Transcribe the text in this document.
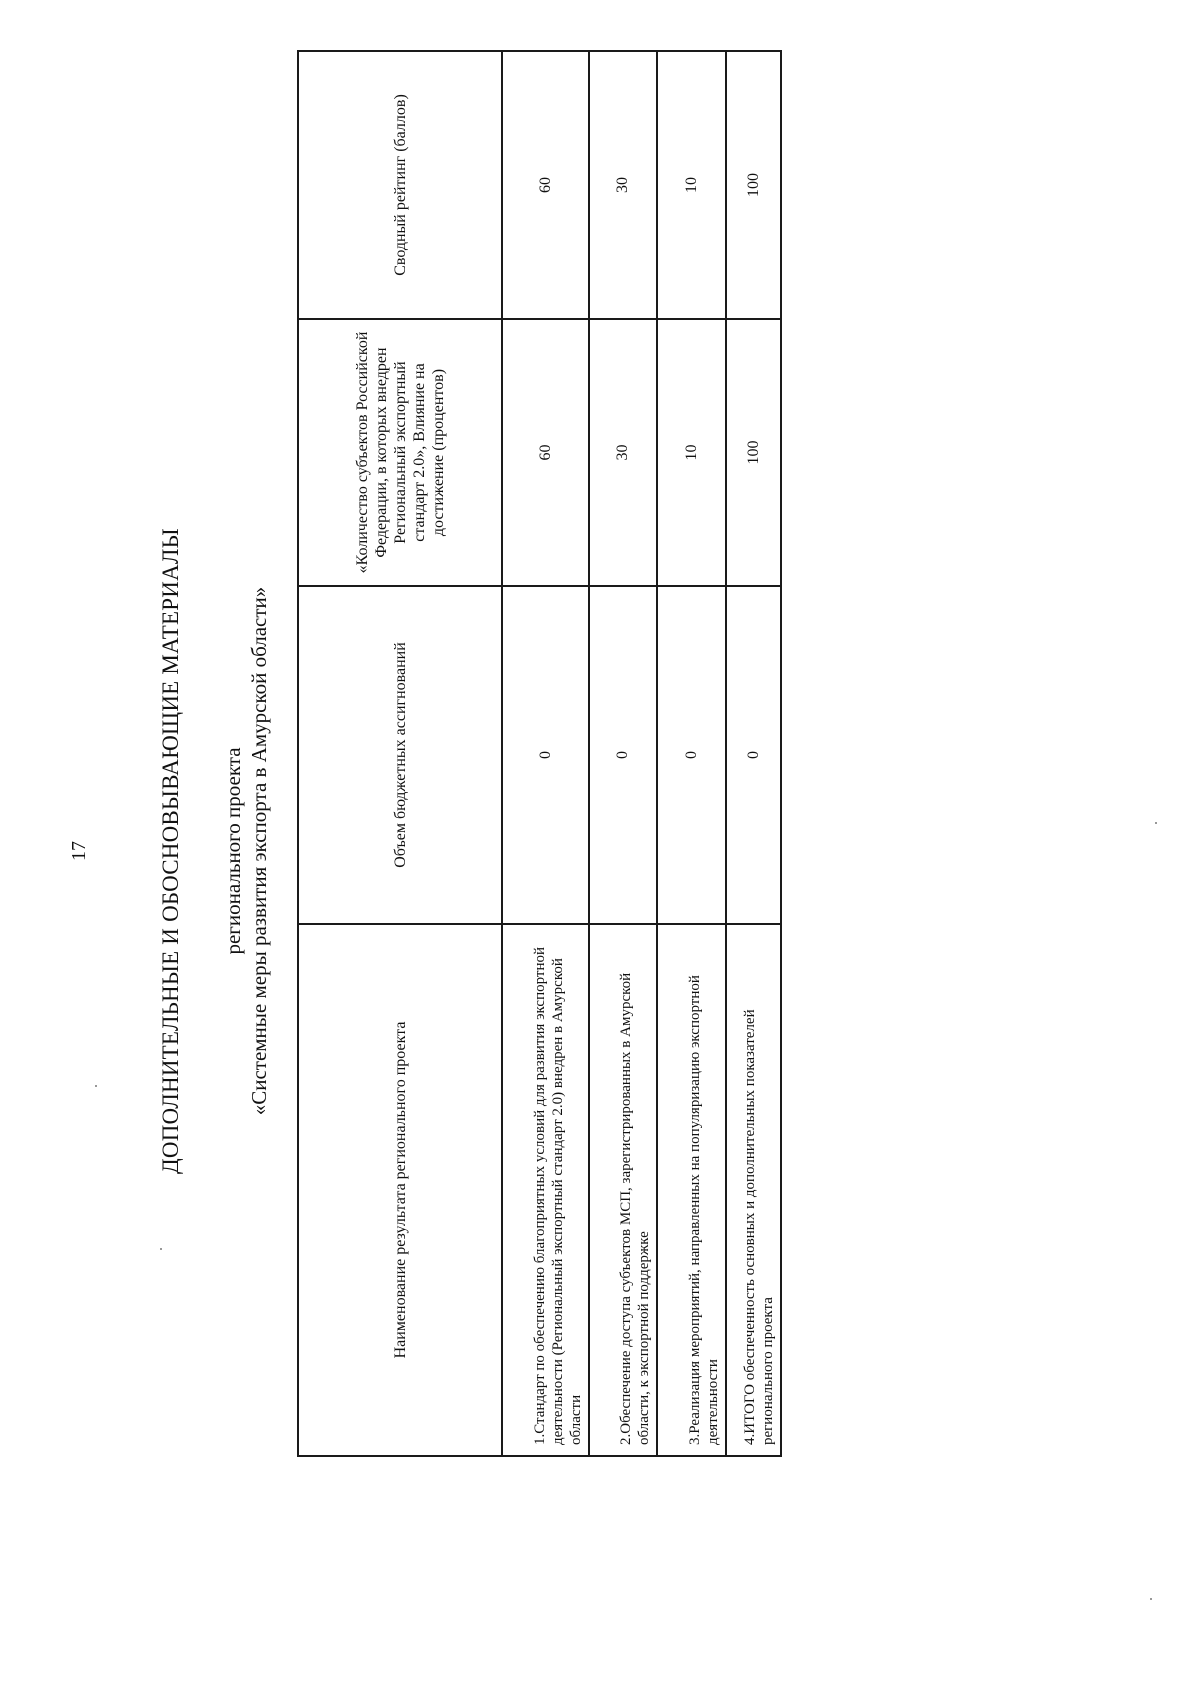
17	ДОПОЛНИТЕЛЬНЫЕ И ОБОСНОВЫВАЮЩИЕ МАТЕРИАЛЫ регионального проекта «Системные меры развития экспорта в Амурской области»
Наименование результата регионального проекта	Объем бюджетных ассигнований	«Количество субъектов Российской Федерации, в которых внедрен Региональный экспортный стандарт 2.0», Влияние на достижение (процентов)	Сводный рейтинг (баллов)
1.Стандарт по обеспечению благоприятных условий для развития экспортной деятельности (Региональный экспортный стандарт 2.0) внедрен в Амурской области	0	60	60
2.Обеспечение доступа субъектов МСП, зарегистрированных в Амурской области, к экспортной поддержке	0	30	30
3.Реализация мероприятий, направленных на популяризацию экспортной деятельности	0	10	10
4.ИТОГО обеспеченность основных и дополнительных показателей регионального проекта	0	100	100
